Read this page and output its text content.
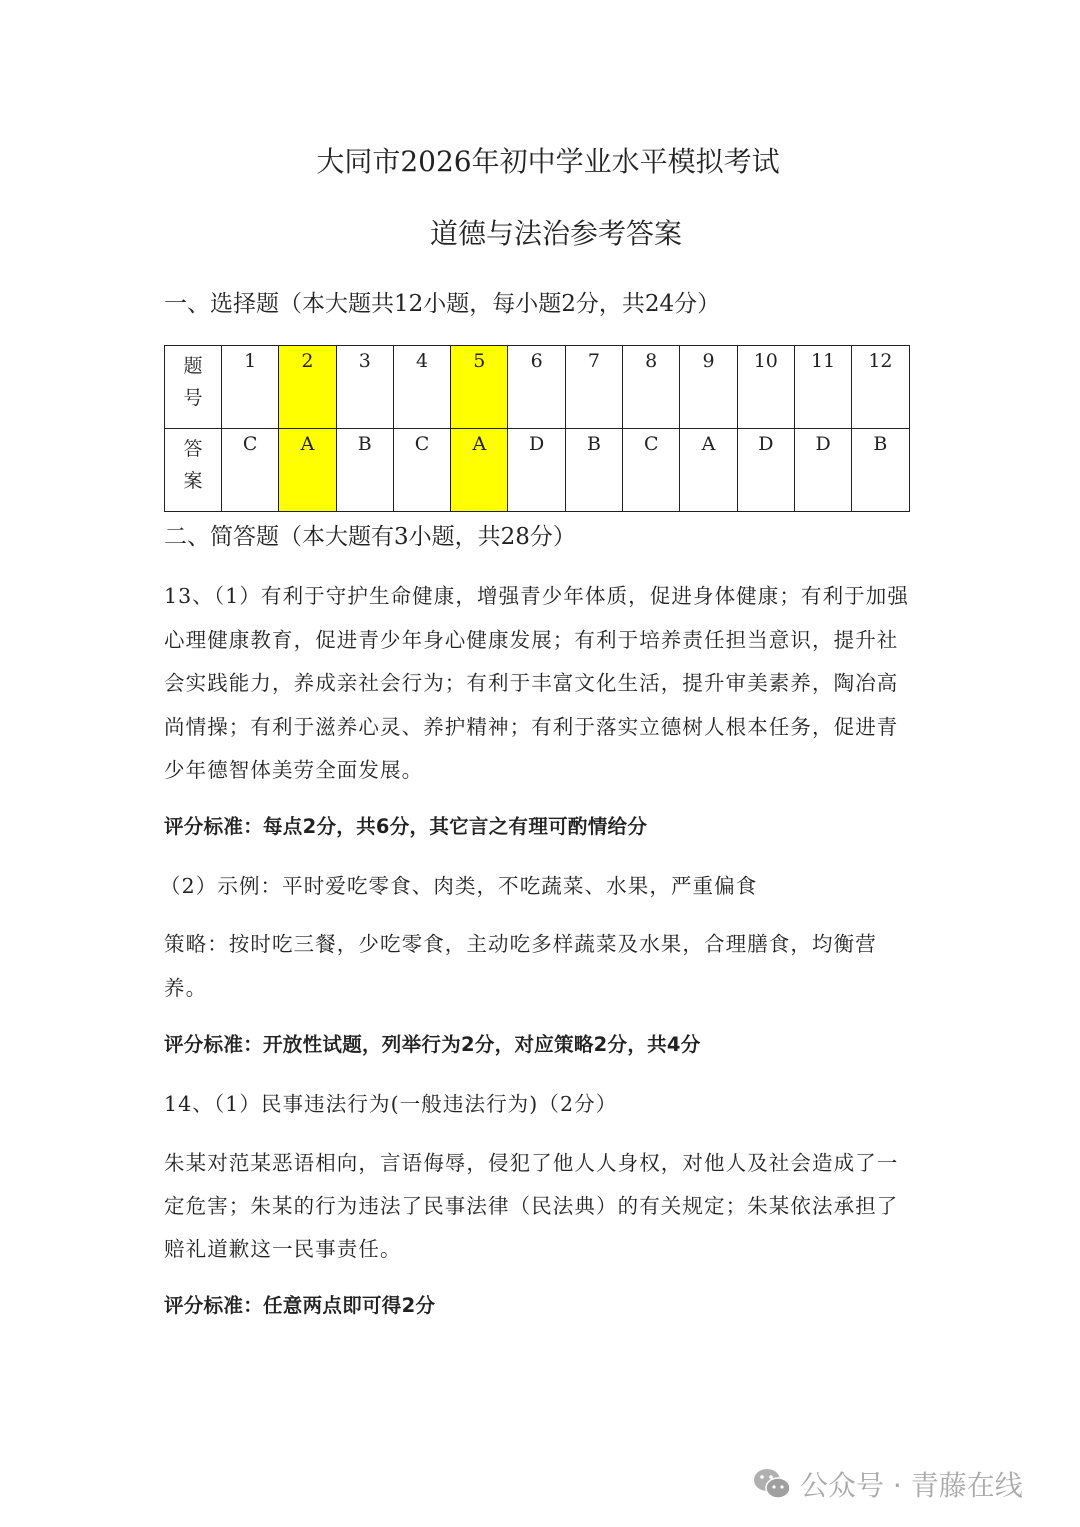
大同市2026年初中学业水平模拟考试
道德与法治参考答案
一、选择题（本大题共12小题，每小题2分，共24分）
题
号	1	2	3	4	5	6	7	8	9	10	11	12
答
案	C	A	B	C	A	D	B	C	A	D	D	B
二、简答题（本大题有3小题，共28分）
13、（1）有利于守护生命健康，增强青少年体质，促进身体健康；有利于加强
心理健康教育，促进青少年身心健康发展；有利于培养责任担当意识，提升社
会实践能力，养成亲社会行为；有利于丰富文化生活，提升审美素养，陶冶高
尚情操；有利于滋养心灵、养护精神；有利于落实立德树人根本任务，促进青
少年德智体美劳全面发展。
评分标准：每点2分，共6分，其它言之有理可酌情给分
（2）示例：平时爱吃零食、肉类，不吃蔬菜、水果，严重偏食
策略：按时吃三餐，少吃零食，主动吃多样蔬菜及水果，合理膳食，均衡营
养。
评分标准：开放性试题，列举行为2分，对应策略2分，共4分
14、（1）民事违法行为(一般违法行为)（2分）
朱某对范某恶语相向，言语侮辱，侵犯了他人人身权，对他人及社会造成了一
定危害；朱某的行为违法了民事法律（民法典）的有关规定；朱某依法承担了
赔礼道歉这一民事责任。
评分标准：任意两点即可得2分
公众号 · 青藤在线
